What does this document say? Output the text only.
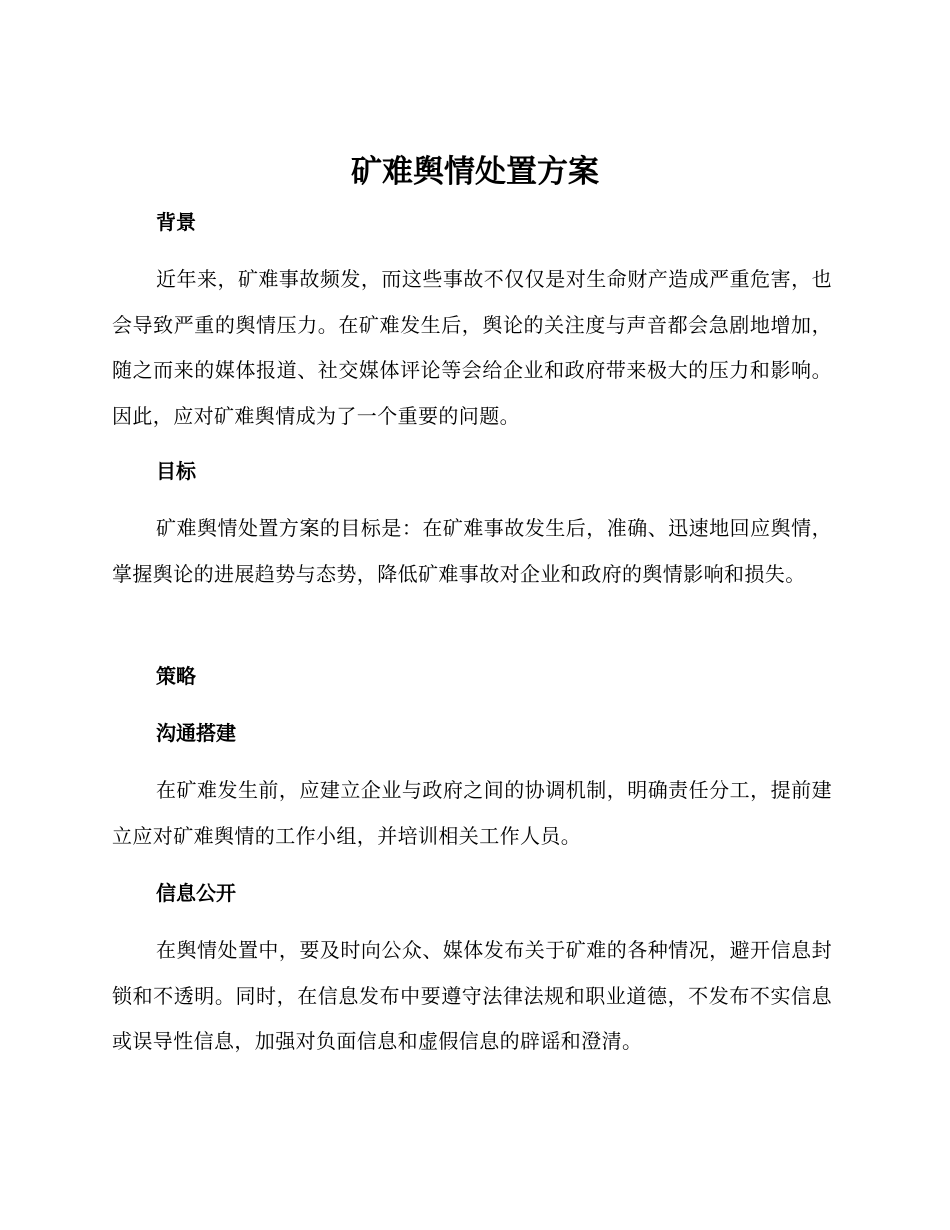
矿难舆情处置方案
背景

近年来，矿难事故频发，而这些事故不仅仅是对生命财产造成严重危害，也会导致严重的舆情压力。在矿难发生后，舆论的关注度与声音都会急剧地增加，随之而来的媒体报道、社交媒体评论等会给企业和政府带来极大的压力和影响。因此，应对矿难舆情成为了一个重要的问题。

目标

矿难舆情处置方案的目标是：在矿难事故发生后，准确、迅速地回应舆情，掌握舆论的进展趋势与态势，降低矿难事故对企业和政府的舆情影响和损失。

策略
沟通搭建

在矿难发生前，应建立企业与政府之间的协调机制，明确责任分工，提前建立应对矿难舆情的工作小组，并培训相关工作人员。

信息公开

在舆情处置中，要及时向公众、媒体发布关于矿难的各种情况，避开信息封锁和不透明。同时，在信息发布中要遵守法律法规和职业道德，不发布不实信息或误导性信息，加强对负面信息和虚假信息的辟谣和澄清。
